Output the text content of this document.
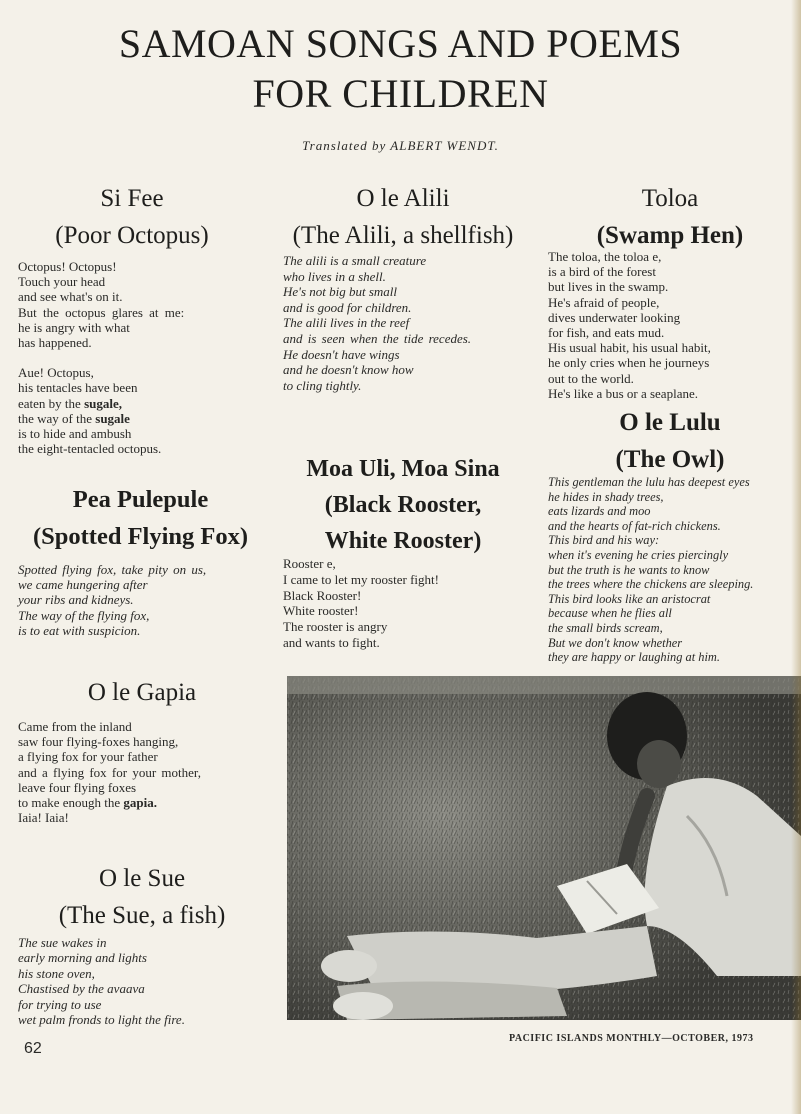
SAMOAN SONGS AND POEMS
FOR CHILDREN
Translated by ALBERT WENDT.
Si Fee
(Poor Octopus)
Octopus! Octopus!
Touch your head
and see what's on it.
But the octopus glares at me:
he is angry with what
has happened.
Aue! Octopus,
his tentacles have been
eaten by the sugale,
the way of the sugale
is to hide and ambush
the eight-tentacled octopus.
O le Alili
(The Alili, a shellfish)
The alili is a small creature
who lives in a shell.
He's not big but small
and is good for children.
The alili lives in the reef
and is seen when the tide recedes.
He doesn't have wings
and he doesn't know how
to cling tightly.
Toloa
(Swamp Hen)
The toloa, the toloa e,
is a bird of the forest
but lives in the swamp.
He's afraid of people,
dives underwater looking
for fish, and eats mud.
His usual habit, his usual habit,
he only cries when he journeys
out to the world.
He's like a bus or a seaplane.
O le Lulu
(The Owl)
This gentleman the lulu has deepest eyes
he hides in shady trees,
eats lizards and moo
and the hearts of fat-rich chickens.
This bird and his way:
when it's evening he cries piercingly
but the truth is he wants to know
the trees where the chickens are sleeping.
This bird looks like an aristocrat
because when he flies all
the small birds scream,
But we don't know whether
they are happy or laughing at him.
Pea Pulepule
(Spotted Flying Fox)
Spotted flying fox, take pity on us,
we came hungering after
your ribs and kidneys.
The way of the flying fox,
is to eat with suspicion.
Moa Uli, Moa Sina
(Black Rooster,
White Rooster)
Rooster e,
I came to let my rooster fight!
Black Rooster!
White rooster!
The rooster is angry
and wants to fight.
O le Gapia
Came from the inland
saw four flying-foxes hanging,
a flying fox for your father
and a flying fox for your mother,
leave four flying foxes
to make enough the gapia.
Iaia! Iaia!
O le Sue
(The Sue, a fish)
The sue wakes in
early morning and lights
his stone oven,
Chastised by the avaava
for trying to use
wet palm fronds to light the fire.
PACIFIC ISLANDS MONTHLY—OCTOBER, 1973
62
